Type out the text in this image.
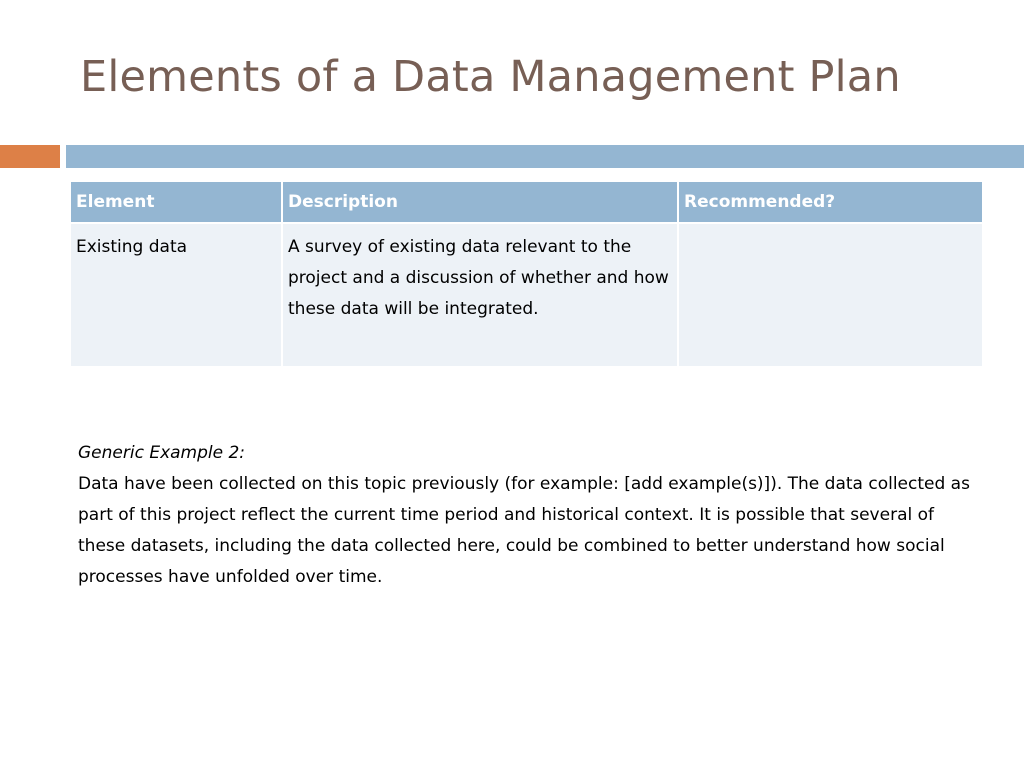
Elements of a Data Management Plan
Element	Description	Recommended?
Existing data	A survey of existing data relevant to the project and a discussion of whether and how these data will be integrated.	
Generic Example 2:
Data have been collected on this topic previously (for example: [add example(s)]). The data collected as part of this project reflect the current time period and historical context. It is possible that several of these datasets, including the data collected here, could be combined to better understand how social processes have unfolded over time.
